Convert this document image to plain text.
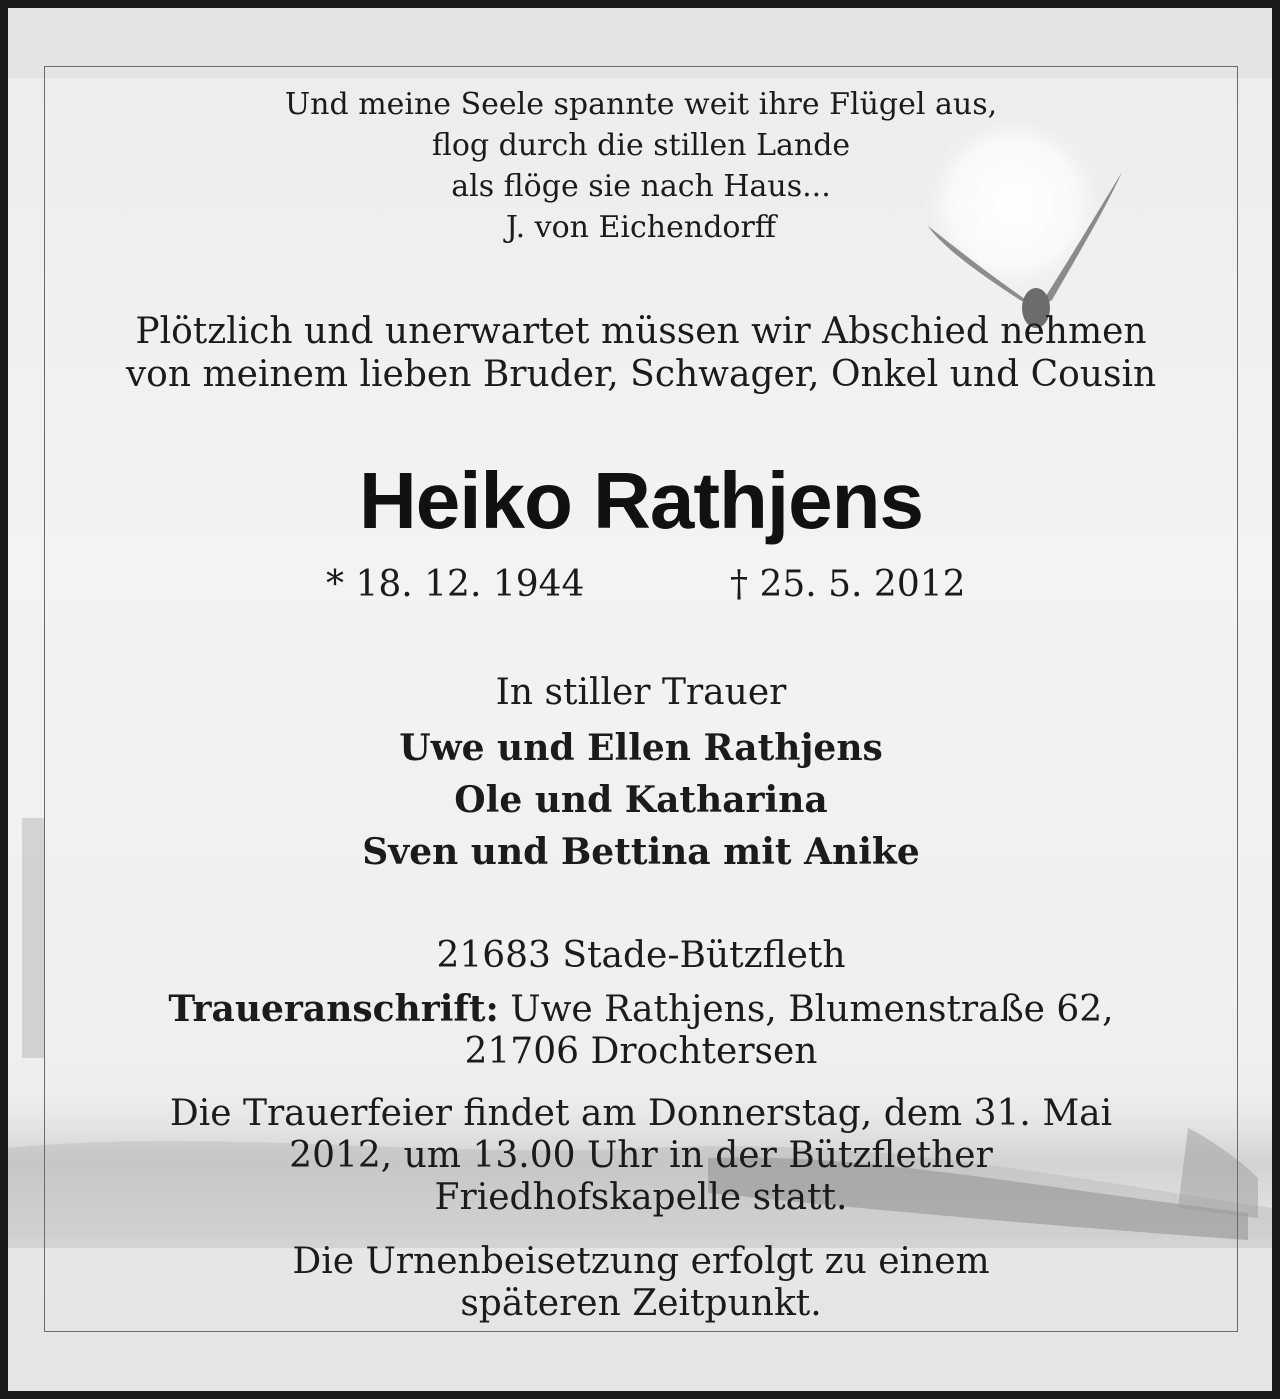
Und meine Seele spannte weit ihre Flügel aus,
flog durch die stillen Lande
als flöge sie nach Haus...
J. von Eichendorff
Plötzlich und unerwartet müssen wir Abschied nehmen
von meinem lieben Bruder, Schwager, Onkel und Cousin
Heiko Rathjens
* 18. 12. 1944	† 25. 5. 2012
In stiller Trauer
Uwe und Ellen Rathjens
Ole und Katharina
Sven und Bettina mit Anike
21683 Stade-Bützfleth
Traueranschrift: Uwe Rathjens, Blumenstraße 62,
21706 Drochtersen
Die Trauerfeier findet am Donnerstag, dem 31. Mai
2012, um 13.00 Uhr in der Bützflether
Friedhofskapelle statt.
Die Urnenbeisetzung erfolgt zu einem
späteren Zeitpunkt.
